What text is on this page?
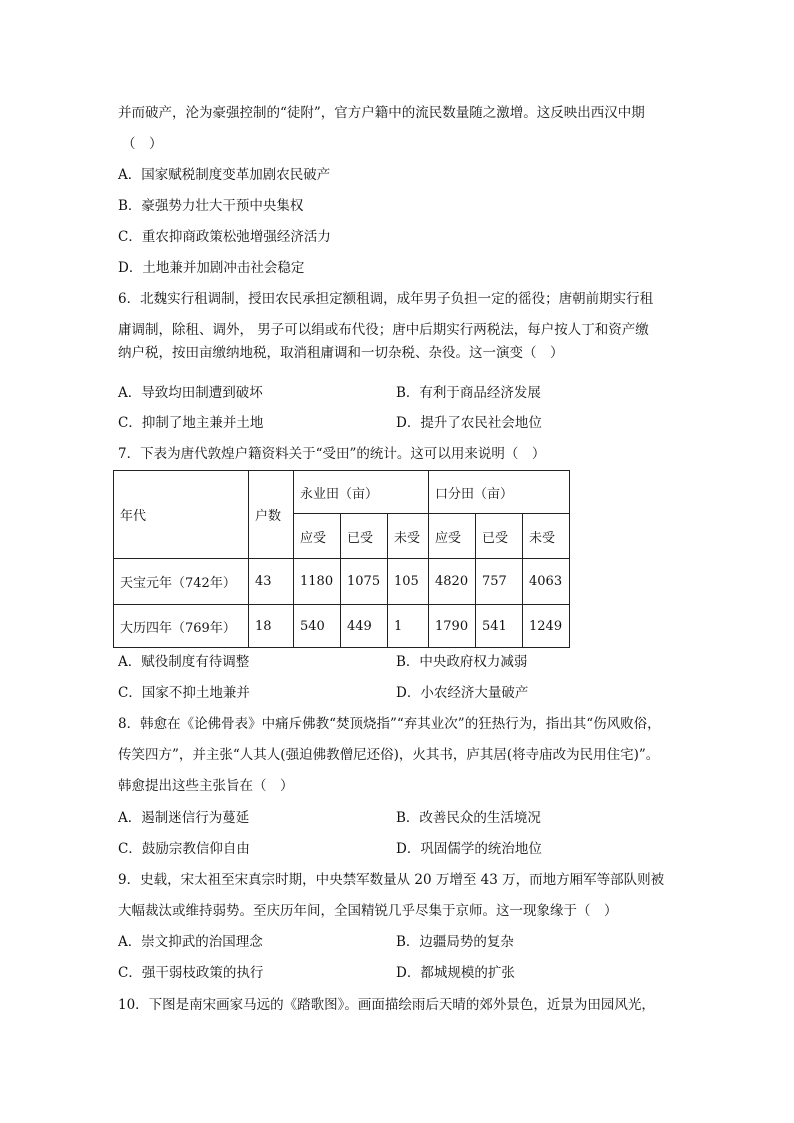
并而破产，沦为豪强控制的“徒附”，官方户籍中的流民数量随之激增。这反映出西汉中期
（　）
A．国家赋税制度变革加剧农民破产
B．豪强势力壮大干预中央集权
C．重农抑商政策松弛增强经济活力
D．土地兼并加剧冲击社会稳定
6．北魏实行租调制，授田农民承担定额租调，成年男子负担一定的徭役；唐朝前期实行租
庸调制，除租、调外， 男子可以绢或布代役；唐中后期实行两税法，每户按人丁和资产缴
纳户税，按田亩缴纳地税，取消租庸调和一切杂税、杂役。这一演变（　）
A．导致均田制遭到破坏	B．有利于商品经济发展
C．抑制了地主兼并土地	D．提升了农民社会地位
7．下表为唐代敦煌户籍资料关于“受田”的统计。这可以用来说明（　）
年代	户数	永业田（亩）			口分田（亩）		

		应受	已受	未受	应受	已受	未受

天宝元年（742年）	43	1180	1075	105	4820	757	4063

大历四年（769年）	18	540	449	1	1790	541	1249
A．赋役制度有待调整	B．中央政府权力减弱
C．国家不抑土地兼并	D．小农经济大量破产
8．韩愈在《论佛骨表》中痛斥佛教“焚顶烧指”“弃其业次”的狂热行为，指出其“伤风败俗，
传笑四方”，并主张“人其人(强迫佛教僧尼还俗)，火其书，庐其居(将寺庙改为民用住宅)”。
韩愈提出这些主张旨在（　）
A．遏制迷信行为蔓延	B．改善民众的生活境况
C．鼓励宗教信仰自由	D．巩固儒学的统治地位
9．史载，宋太祖至宋真宗时期，中央禁军数量从 20 万增至 43 万，而地方厢军等部队则被
大幅裁汰或维持弱势。至庆历年间，全国精锐几乎尽集于京师。这一现象缘于（　）
A．崇文抑武的治国理念	B．边疆局势的复杂
C．强干弱枝政策的执行	D．都城规模的扩张
10．下图是南宋画家马远的《踏歌图》。画面描绘雨后天晴的郊外景色，近景为田园风光，
